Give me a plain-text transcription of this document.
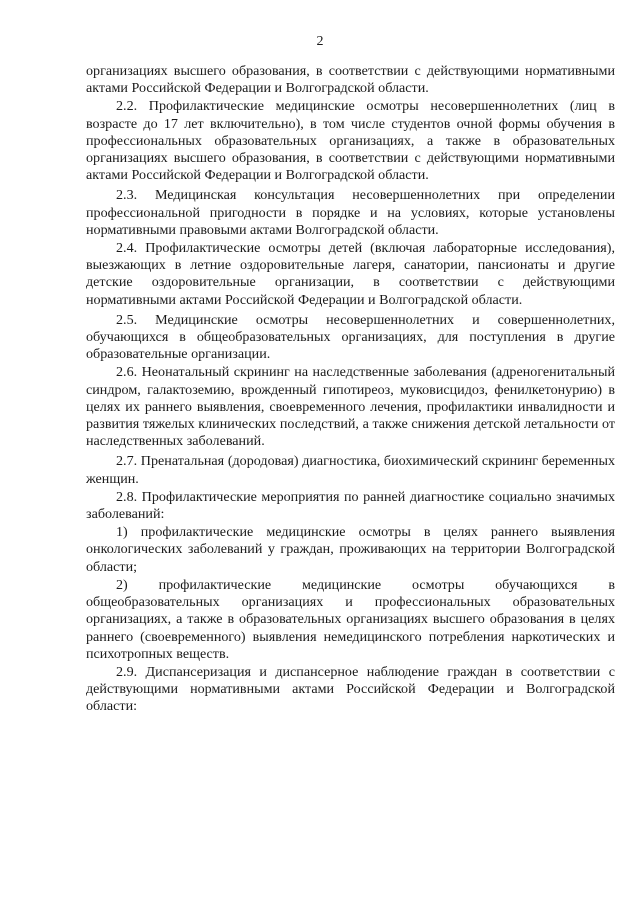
2

организациях высшего образования, в соответствии с действующими нормативными актами Российской Федерации и Волгоградской области.

2.2. Профилактические медицинские осмотры несовершеннолетних (лиц в возрасте до 17 лет включительно), в том числе студентов очной формы обучения в профессиональных образовательных организациях, а также в образовательных организациях высшего образования, в соответствии с действующими нормативными актами Российской Федерации и Волгоградской области.

2.3. Медицинская консультация несовершеннолетних при определении профессиональной пригодности в порядке и на условиях, которые установлены нормативными правовыми актами Волгоградской области.

2.4. Профилактические осмотры детей (включая лабораторные исследования), выезжающих в летние оздоровительные лагеря, санатории, пансионаты и другие детские оздоровительные организации, в соответствии с действующими нормативными актами Российской Федерации и Волгоградской области.

2.5. Медицинские осмотры несовершеннолетних и совершеннолетних, обучающихся в общеобразовательных организациях, для поступления в другие образовательные организации.

2.6. Неонатальный скрининг на наследственные заболевания (адреногенитальный синдром, галактоземию, врожденный гипотиреоз, муковисцидоз, фенилкетонурию) в целях их раннего выявления, своевременного лечения, профилактики инвалидности и развития тяжелых клинических последствий, а также снижения детской летальности от наследственных заболеваний.

2.7. Пренатальная (дородовая) диагностика, биохимический скрининг беременных женщин.

2.8. Профилактические мероприятия по ранней диагностике социально значимых заболеваний:

1) профилактические медицинские осмотры в целях раннего выявления онкологических заболеваний у граждан, проживающих на территории Волгоградской области;

2) профилактические медицинские осмотры обучающихся в общеобразовательных организациях и профессиональных образовательных организациях, а также в образовательных организациях высшего образования в целях раннего (своевременного) выявления немедицинского потребления наркотических и психотропных веществ.

2.9. Диспансеризация и диспансерное наблюдение граждан в соответствии с действующими нормативными актами Российской Федерации и Волгоградской области:
